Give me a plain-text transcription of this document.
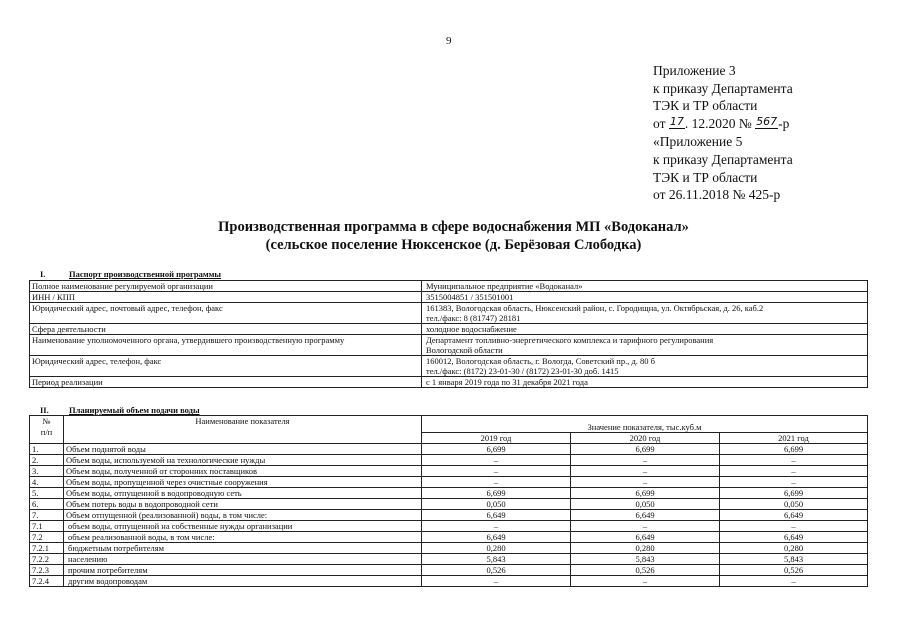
9
Приложение 3
к приказу Департамента
ТЭК и ТР области
от $^{17}$. 12.2020 № $^{567}$-р
«Приложение 5
к приказу Департамента
ТЭК и ТР области
от 26.11.2018 № 425-р
Производственная программа в сфере водоснабжения МП «Водоканал»
(сельское поселение Нюксенское (д. Берёзовая Слободка)
I.	Паспорт производственной программы
Полное наименование регулируемой организации	Муниципальное предприятие «Водоканал»

ИНН / КПП	3515004851 / 351501001

Юридический адрес, почтовый адрес, телефон, факс	161383, Вологодская область, Нюксенский район, с. Городищна, ул. Октябрьская, д. 26, каб.2
тел./факс: 8 (81747) 28181

Сфера деятельности	холодное водоснабжение

Наименование уполномоченного органа, утвердившего производственную программу	Департамент топливно-энергетического комплекса и тарифного регулирования
Вологодской области

Юридический адрес, телефон, факс	160012, Вологодская область, г. Вологда, Советский пр., д. 80 б
тел./факс: (8172) 23-01-30 / (8172) 23-01-30 доб. 1415

Период реализации	с 1 января 2019 года по 31 декабря 2021 года
II. Планируемый объем подачи воды
№
п/п	Наименование показателя	Значение показателя, тыс.куб.м		
		2019 год	2020 год	2021 год
1.	Объем поднятой воды	6,699	6,699	6,699
2.	Объем воды, используемой на технологические нужды	–	–	–
3.	Объем воды, полученной от сторонних поставщиков	–	–	–
4.	Объем воды, пропущенной через очистные сооружения	–	–	–
5.	Объем воды, отпущенной в водопроводную сеть	6,699	6,699	6,699
6.	Объем потерь воды в водопроводной сети	0,050	0,050	0,050
7.	Объем отпущенной (реализованной) воды, в том числе:	6,649	6,649	6,649
7.1	объем воды, отпущенной на собственные нужды организации	–	–	–
7.2	объем реализованной воды, в том числе:	6,649	6,649	6,649
7.2.1	бюджетным потребителям	0,280	0,280	0,280
7.2.2	населению	5,843	5,843	5,843
7.2.3	прочим потребителям	0,526	0,526	0,526
7.2.4	другим водопроводам	–	–	–
